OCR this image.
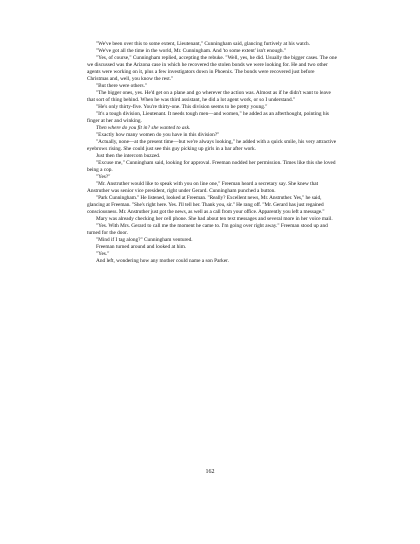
"We've been over this to some extent, Lieutenant," Cunningham said, glancing furtively at his watch.

"We've got all the time in the world, Mr. Cunningham. And 'to some extent' isn't enough."

"Yes, of course," Cunningham replied, accepting the rebuke. "Well, yes, he did. Usually the bigger cases. The one we discussed was the Arizona case in which he recovered the stolen bonds we were looking for. He and two other agents were working on it, plus a few investigators down in Phoenix. The bonds were recovered just before Christmas and, well, you know the rest."

"But there were others."

"The bigger ones, yes. He'd get on a plane and go wherever the action was. Almost as if he didn't want to leave that sort of thing behind. When he was third assistant, he did a lot agent work, or so I understand."

"He's only thirty-five. You're thirty-one. This division seems to be pretty young."

"It's a tough division, Lieutenant. It needs tough men—and women," he added as an afterthought, pointing his finger at her and winking.

Then where do you fit in? she wanted to ask.

"Exactly how many women do you have in this division?"

"Actually, none—at the present time—but we're always looking," he added with a quick smile, his very attractive eyebrows rising. She could just see this guy picking up girls in a bar after work.

Just then the intercom buzzed.

"Excuse me," Cunningham said, looking for approval. Freeman nodded her permission. Times like this she loved being a cop.

"Yes?"

"Mr. Anstruther would like to speak with you on line one," Freeman heard a secretary say. She knew that Anstruther was senior vice president, right under Gerard. Cunningham punched a button.

"Park Cunningham." He listened, looked at Freeman. "Really? Excellent news, Mr. Anstruther. Yes," he said, glancing at Freeman. "She's right here. Yes. I'll tell her. Thank you, sir." He rang off. "Mr. Gerard has just regained consciousness. Mr. Anstruther just got the news, as well as a call from your office. Apparently you left a message."

Mary was already checking her cell phone. She had about ten text messages and several more in her voice mail.

"Yes. With Mrs. Gerard to call me the moment he came to. I'm going over right away." Freeman stood up and turned for the door.

"Mind if I tag along?" Cunningham ventured.

Freeman turned around and looked at him.

"Yes."

And left, wondering how any mother could name a son Parker.

162
